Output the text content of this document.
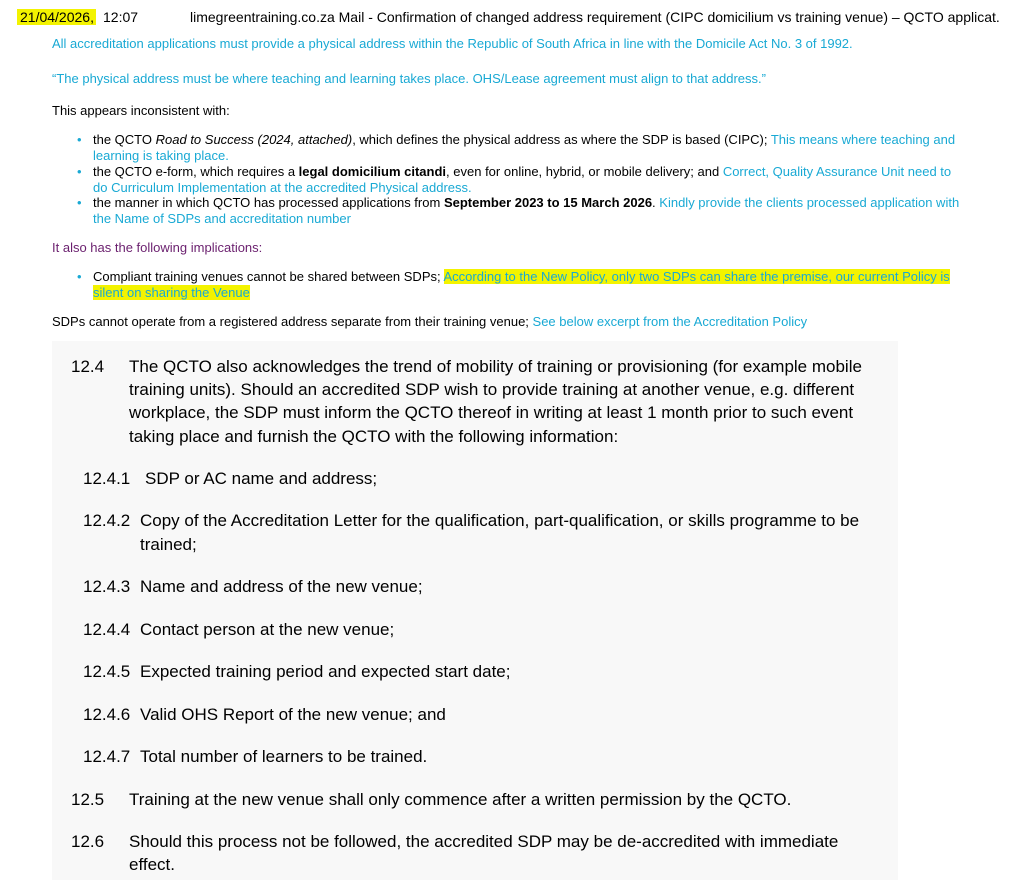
21/04/2026, 12:07	limegreentraining.co.za Mail - Confirmation of changed address requirement (CIPC domicilium vs training venue) – QCTO applicat.
All accreditation applications must provide a physical address within the Republic of South Africa in line with the Domicile Act No. 3 of 1992.
“The physical address must be where teaching and learning takes place. OHS/Lease agreement must align to that address.”
This appears inconsistent with:
• the QCTO Road to Success (2024, attached), which defines the physical address as where the SDP is based (CIPC); This means where teaching and
learning is taking place.
• the QCTO e-form, which requires a legal domicilium citandi, even for online, hybrid, or mobile delivery; and Correct, Quality Assurance Unit need to
do Curriculum Implementation at the accredited Physical address.
• the manner in which QCTO has processed applications from September 2023 to 15 March 2026. Kindly provide the clients processed application with
the Name of SDPs and accreditation number
It also has the following implications:
• Compliant training venues cannot be shared between SDPs; According to the New Policy, only two SDPs can share the premise, our current Policy is
silent on sharing the Venue
SDPs cannot operate from a registered address separate from their training venue; See below excerpt from the Accreditation Policy
12.4 The QCTO also acknowledges the trend of mobility of training or provisioning (for example mobile
training units). Should an accredited SDP wish to provide training at another venue, e.g. different
workplace, the SDP must inform the QCTO thereof in writing at least 1 month prior to such event
taking place and furnish the QCTO with the following information:
12.4.1 SDP or AC name and address;
12.4.2 Copy of the Accreditation Letter for the qualification, part-qualification, or skills programme to be
trained;
12.4.3 Name and address of the new venue;
12.4.4 Contact person at the new venue;
12.4.5 Expected training period and expected start date;
12.4.6 Valid OHS Report of the new venue; and
12.4.7 Total number of learners to be trained.
12.5 Training at the new venue shall only commence after a written permission by the QCTO.
12.6 Should this process not be followed, the accredited SDP may be de-accredited with immediate
effect.
